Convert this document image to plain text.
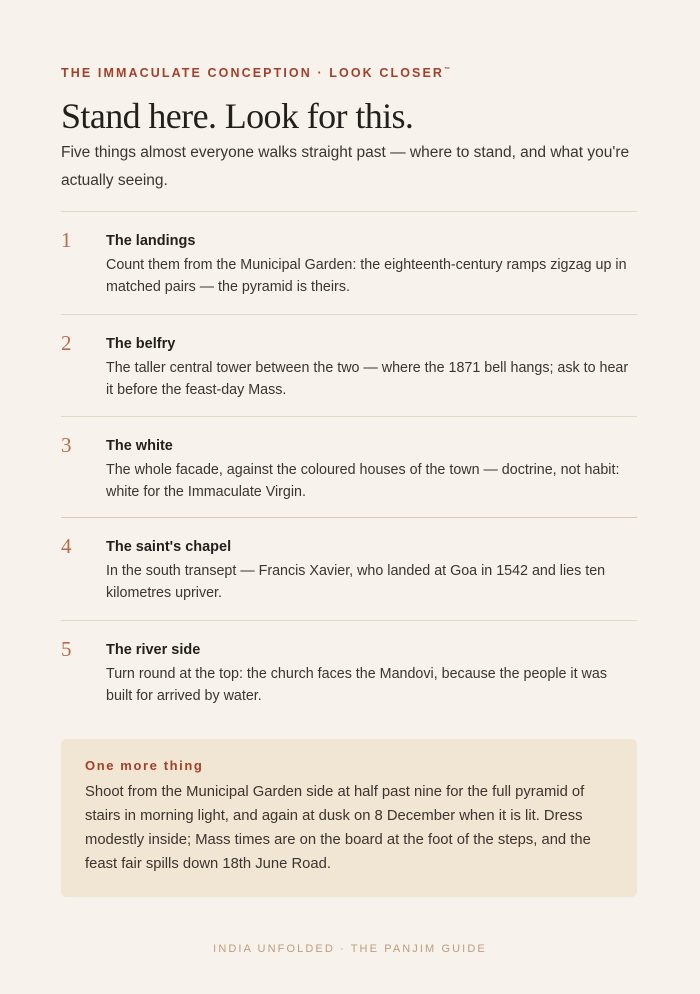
THE IMMACULATE CONCEPTION · LOOK CLOSER™
Stand here. Look for this.
Five things almost everyone walks straight past — where to stand, and what you're actually seeing.
1 The landings
Count them from the Municipal Garden: the eighteenth-century ramps zigzag up in matched pairs — the pyramid is theirs.
2 The belfry
The taller central tower between the two — where the 1871 bell hangs; ask to hear it before the feast-day Mass.
3 The white
The whole facade, against the coloured houses of the town — doctrine, not habit: white for the Immaculate Virgin.
4 The saint's chapel
In the south transept — Francis Xavier, who landed at Goa in 1542 and lies ten kilometres upriver.
5 The river side
Turn round at the top: the church faces the Mandovi, because the people it was built for arrived by water.
One more thing
Shoot from the Municipal Garden side at half past nine for the full pyramid of stairs in morning light, and again at dusk on 8 December when it is lit. Dress modestly inside; Mass times are on the board at the foot of the steps, and the feast fair spills down 18th June Road.
INDIA UNFOLDED · THE PANJIM GUIDE
